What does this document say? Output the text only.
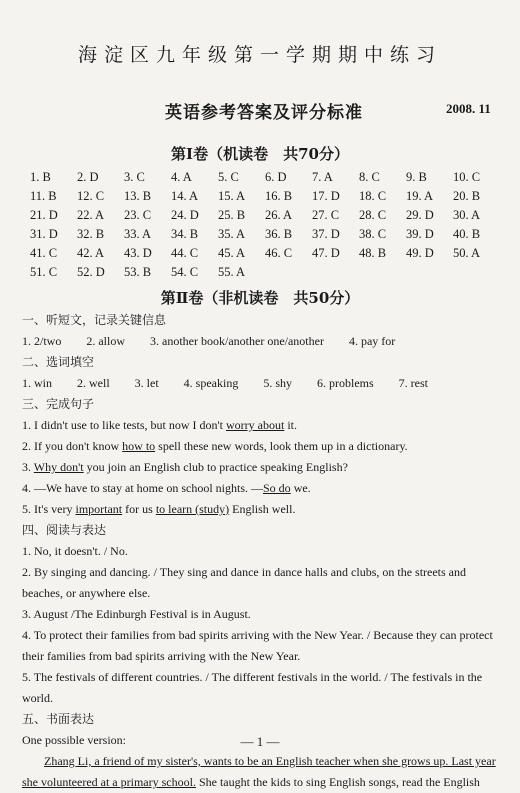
海淀区九年级第一学期期中练习
英语参考答案及评分标准	2008. 11
第Ⅰ卷（机读卷　共70分）
1. B	2. D	3. C	4. A	5. C	6. D	7. A	8. C	9. B	10. C
11. B	12. C	13. B	14. A	15. A	16. B	17. D	18. C	19. A	20. B
21. D	22. A	23. C	24. D	25. B	26. A	27. C	28. C	29. D	30. A
31. D	32. B	33. A	34. B	35. A	36. B	37. D	38. C	39. D	40. B
41. C	42. A	43. D	44. C	45. A	46. C	47. D	48. B	49. D	50. A
51. C	52. D	53. B	54. C	55. A
第Ⅱ卷（非机读卷　共50分）
一、听短文，记录关键信息
1. 2/two 2. allow 3. another book/another one/another 4. pay for
二、选词填空
1. win 2. well 3. let 4. speaking 5. shy 6. problems 7. rest
三、完成句子
1. I didn't use to like tests, but now I don't worry about it.
2. If you don't know how to spell these new words, look them up in a dictionary.
3. Why don't you join an English club to practice speaking English?
4. —We have to stay at home on school nights. —So do we.
5. It's very important for us to learn (study) English well.
四、阅读与表达
1. No, it doesn't. / No.
2. By singing and dancing. / They sing and dance in dance halls and clubs, on the streets and beaches, or anywhere else.
3. August /The Edinburgh Festival is in August.
4. To protect their families from bad spirits arriving with the New Year. / Because they can protect their families from bad spirits arriving with the New Year.
5. The festivals of different countries. / The different festivals in the world. / The festivals in the world.
五、书面表达
One possible version:
Zhang Li, a friend of my sister's, wants to be an English teacher when she grows up. Last year she volunteered at a primary school. She taught the kids to sing English songs, read the English
— 1 —
